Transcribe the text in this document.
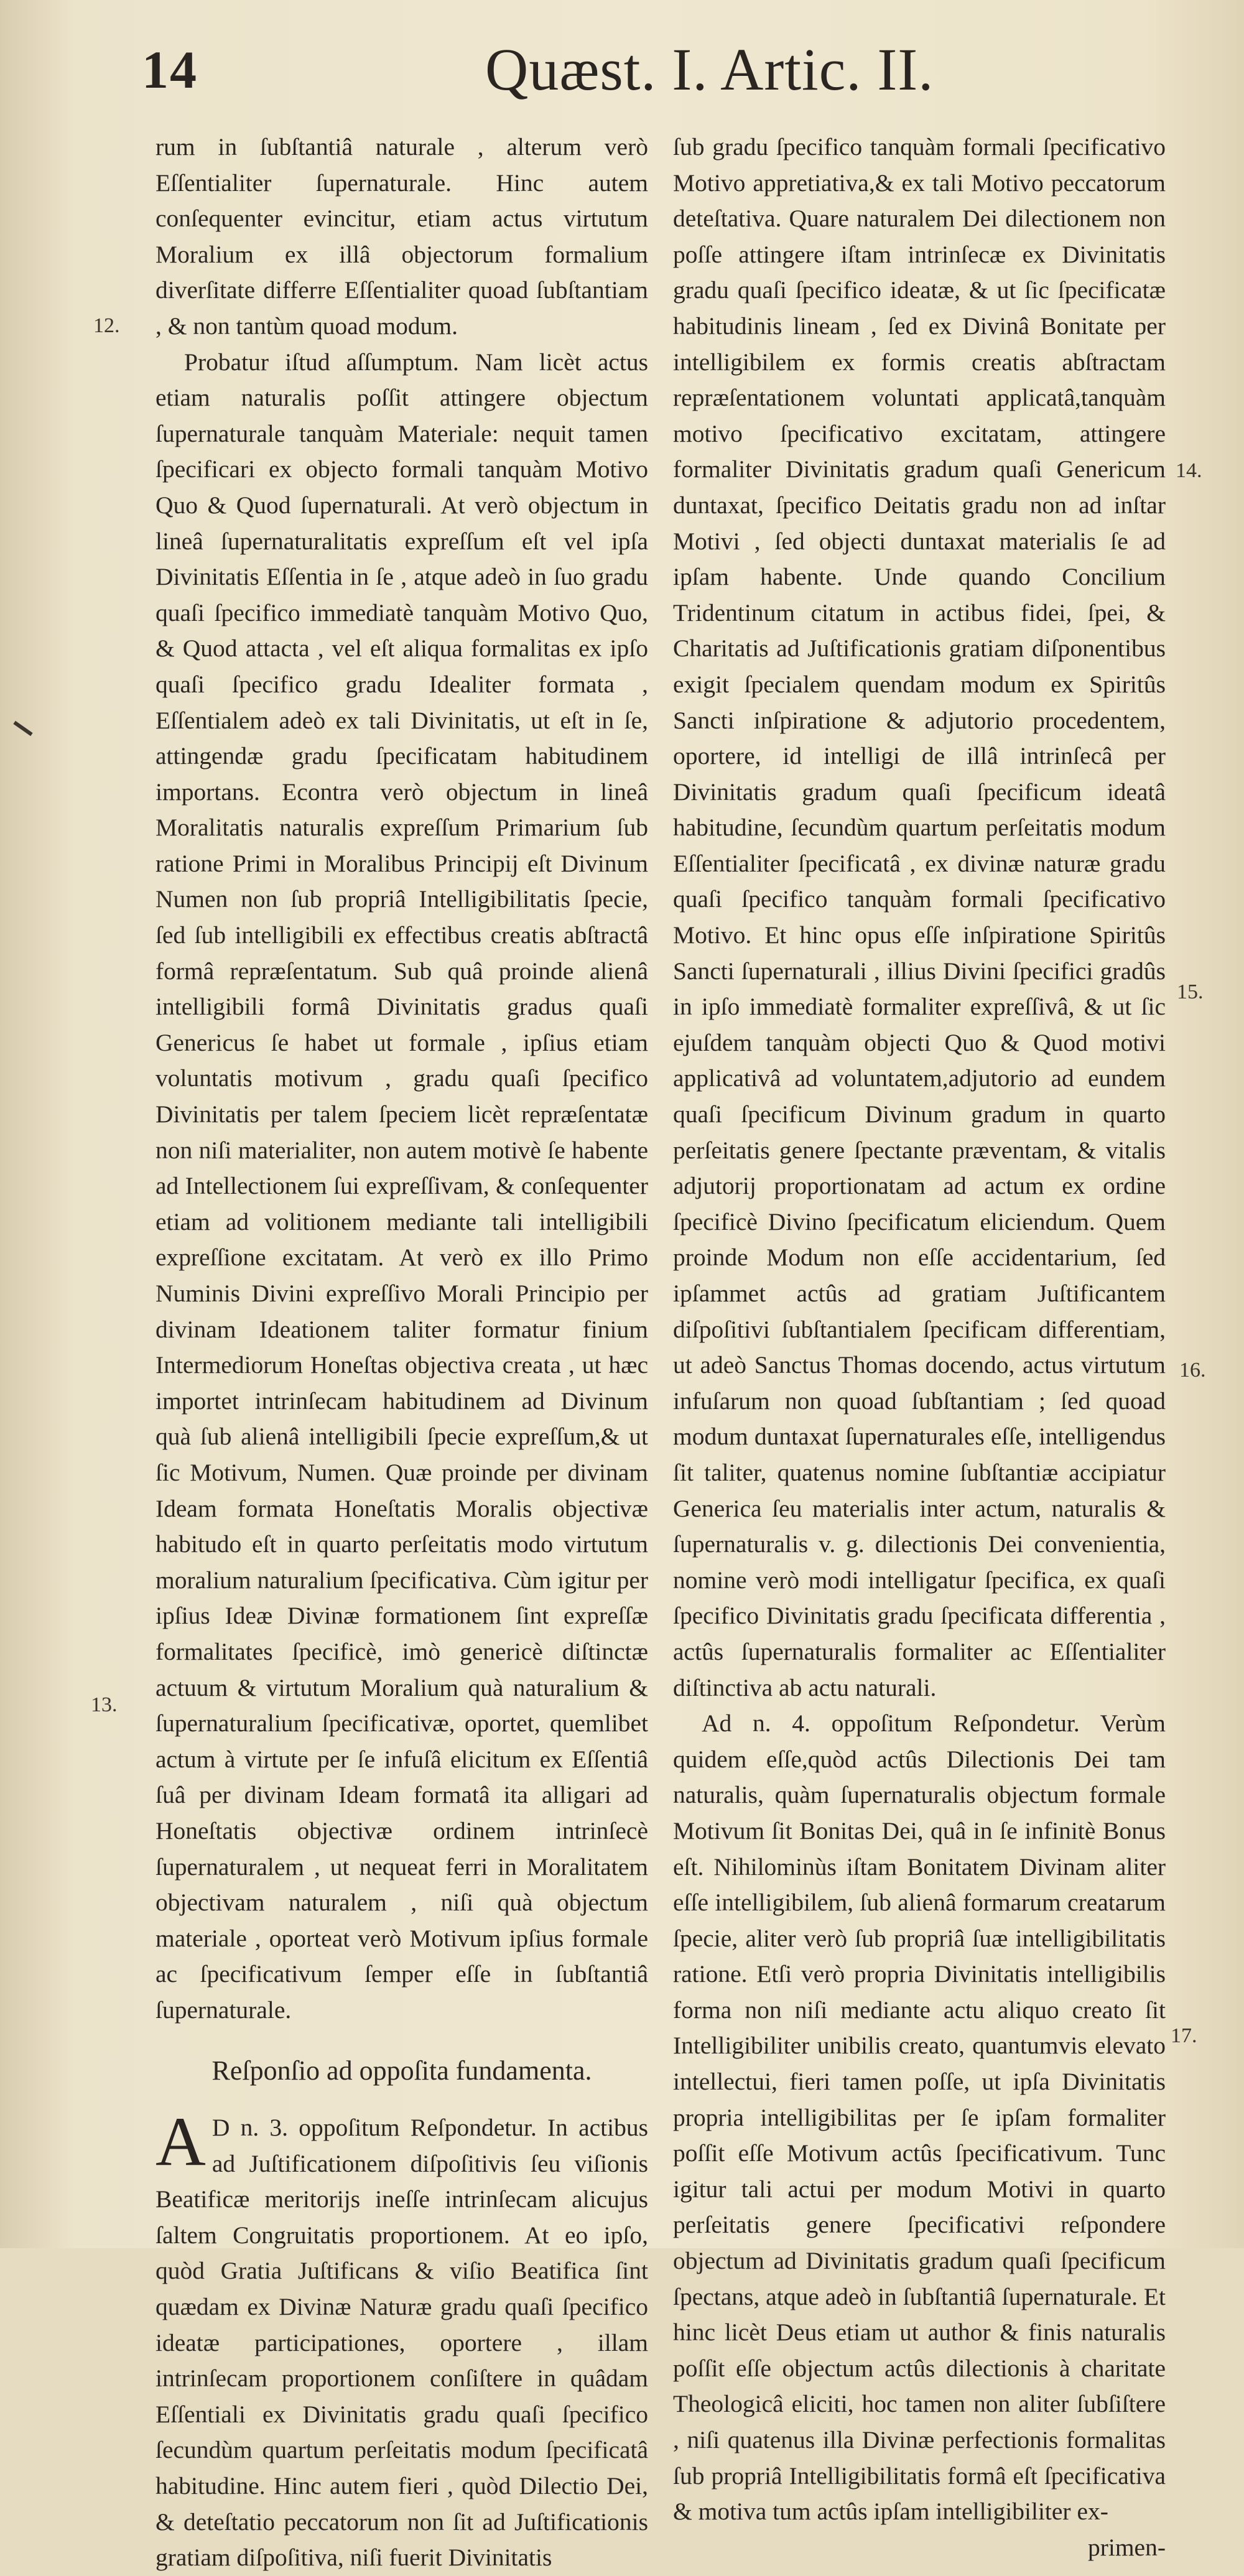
14	Quæst. I. Artic. II.
12.
13.
14.
15.
16.
17.

rum in ſubſtantiâ naturale , alterum verò Eſſentialiter ſupernaturale. Hinc autem conſequenter evincitur, etiam actus virtutum Moralium ex illâ objectorum formalium diverſitate differre Eſſentialiter quoad ſubſtantiam , & non tantùm quoad modum.

Probatur iſtud aſſumptum. Nam licèt actus etiam naturalis poſſit attingere objectum ſupernaturale tanquàm Materiale: nequit tamen ſpecificari ex objecto formali tanquàm Motivo Quo & Quod ſupernaturali. At verò objectum in lineâ ſupernaturalitatis expreſſum eſt vel ipſa Divinitatis Eſſentia in ſe , atque adeò in ſuo gradu quaſi ſpecifico immediatè tanquàm Motivo Quo, & Quod attacta , vel eſt aliqua formalitas ex ipſo quaſi ſpecifico gradu Idealiter formata , Eſſentialem adeò ex tali Divinitatis, ut eſt in ſe, attingendæ gradu ſpecificatam habitudinem importans. Econtra verò objectum in lineâ Moralitatis naturalis expreſſum Primarium ſub ratione Primi in Moralibus Principij eſt Divinum Numen non ſub propriâ Intelligibilitatis ſpecie, ſed ſub intelligibili ex effectibus creatis abſtractâ formâ repræſentatum. Sub quâ proinde alienâ intelligibili formâ Divinitatis gradus quaſi Genericus ſe habet ut formale , ipſius etiam voluntatis motivum , gradu quaſi ſpecifico Divinitatis per talem ſpeciem licèt repræſentatæ non niſi materialiter, non autem motivè ſe habente ad Intellectionem ſui expreſſivam, & conſequenter etiam ad volitionem mediante tali intelligibili expreſſione excitatam. At verò ex illo Primo Numinis Divini expreſſivo Morali Principio per divinam Ideationem taliter formatur finium Intermediorum Honeſtas objectiva creata , ut hæc importet intrinſecam habitudinem ad Divinum quà ſub alienâ intelligibili ſpecie expreſſum,& ut ſic Motivum, Numen. Quæ proinde per divinam Ideam formata Honeſtatis Moralis objectivæ habitudo eſt in quarto perſeitatis modo virtutum moralium naturalium ſpecificativa. Cùm igitur per ipſius Ideæ Divinæ formationem ſint expreſſæ formalitates ſpecificè, imò genericè diſtinctæ actuum & virtutum Moralium quà naturalium & ſupernaturalium ſpecificativæ, oportet, quemlibet actum à virtute per ſe infuſâ elicitum ex Eſſentiâ ſuâ per divinam Ideam formatâ ita alligari ad Honeſtatis objectivæ ordinem intrinſecè ſupernaturalem , ut nequeat ferri in Moralitatem objectivam naturalem , niſi quà objectum materiale , oporteat verò Motivum ipſius formale ac ſpecificativum ſemper eſſe in ſubſtantiâ ſupernaturale.

Reſponſio ad oppoſita fundamenta.

A D n. 3. oppoſitum Reſpondetur. In actibus ad Juſtificationem diſpoſitivis ſeu viſionis Beatificæ meritorijs ineſſe intrinſecam alicujus ſaltem Congruitatis proportionem. At eo ipſo, quòd Gratia Juſtificans & viſio Beatifica ſint quædam ex Divinæ Naturæ gradu quaſi ſpecifico ideatæ participationes, oportere , illam intrinſecam proportionem conſiſtere in quâdam Eſſentiali ex Divinitatis gradu quaſi ſpecifico ſecundùm quartum perſeitatis modum ſpecificatâ habitudine. Hinc autem fieri , quòd Dilectio Dei, & deteſtatio peccatorum non ſit ad Juſtificationis gratiam diſpoſitiva, niſi fuerit Divinitatis

ſub gradu ſpecifico tanquàm formali ſpecificativo Motivo appretiativa,& ex tali Motivo peccatorum deteſtativa. Quare naturalem Dei dilectionem non poſſe attingere iſtam intrinſecæ ex Divinitatis gradu quaſi ſpecifico ideatæ, & ut ſic ſpecificatæ habitudinis lineam , ſed ex Divinâ Bonitate per intelligibilem ex formis creatis abſtractam repræſentationem voluntati applicatâ,tanquàm motivo ſpecificativo excitatam, attingere formaliter Divinitatis gradum quaſi Genericum duntaxat, ſpecifico Deitatis gradu non ad inſtar Motivi , ſed objecti duntaxat materialis ſe ad ipſam habente. Unde quando Concilium Tridentinum citatum in actibus fidei, ſpei, & Charitatis ad Juſtificationis gratiam diſponentibus exigit ſpecialem quendam modum ex Spiritûs Sancti inſpiratione & adjutorio procedentem, oportere, id intelligi de illâ intrinſecâ per Divinitatis gradum quaſi ſpecificum ideatâ habitudine, ſecundùm quartum perſeitatis modum Eſſentialiter ſpecificatâ , ex divinæ naturæ gradu quaſi ſpecifico tanquàm formali ſpecificativo Motivo. Et hinc opus eſſe inſpiratione Spiritûs Sancti ſupernaturali , illius Divini ſpecifici gradûs in ipſo immediatè formaliter expreſſivâ, & ut ſic ejuſdem tanquàm objecti Quo & Quod motivi applicativâ ad voluntatem,adjutorio ad eundem quaſi ſpecificum Divinum gradum in quarto perſeitatis genere ſpectante præventam, & vitalis adjutorij proportionatam ad actum ex ordine ſpecificè Divino ſpecificatum eliciendum. Quem proinde Modum non eſſe accidentarium, ſed ipſammet actûs ad gratiam Juſtificantem diſpoſitivi ſubſtantialem ſpecificam differentiam, ut adeò Sanctus Thomas docendo, actus virtutum infuſarum non quoad ſubſtantiam ; ſed quoad modum duntaxat ſupernaturales eſſe, intelligendus ſit taliter, quatenus nomine ſubſtantiæ accipiatur Generica ſeu materialis inter actum, naturalis & ſupernaturalis v. g. dilectionis Dei convenientia, nomine verò modi intelligatur ſpecifica, ex quaſi ſpecifico Divinitatis gradu ſpecificata differentia , actûs ſupernaturalis formaliter ac Eſſentialiter diſtinctiva ab actu naturali.

Ad n. 4. oppoſitum Reſpondetur. Verùm quidem eſſe,quòd actûs Dilectionis Dei tam naturalis, quàm ſupernaturalis objectum formale Motivum ſit Bonitas Dei, quâ in ſe infinitè Bonus eſt. Nihilominùs iſtam Bonitatem Divinam aliter eſſe intelligibilem, ſub alienâ formarum creatarum ſpecie, aliter verò ſub propriâ ſuæ intelligibilitatis ratione. Etſi verò propria Divinitatis intelligibilis forma non niſi mediante actu aliquo creato ſit Intelligibiliter unibilis creato, quantumvis elevato intellectui, fieri tamen poſſe, ut ipſa Divinitatis propria intelligibilitas per ſe ipſam formaliter poſſit eſſe Motivum actûs ſpecificativum. Tunc igitur tali actui per modum Motivi in quarto perſeitatis genere ſpecificativi reſpondere objectum ad Divinitatis gradum quaſi ſpecificum ſpectans, atque adeò in ſubſtantiâ ſupernaturale. Et hinc licèt Deus etiam ut author & finis naturalis poſſit eſſe objectum actûs dilectionis à charitate Theologicâ eliciti, hoc tamen non aliter ſubſiſtere , niſi quatenus illa Divinæ perfectionis formalitas ſub propriâ Intelligibilitatis formâ eſt ſpecificativa & motiva tum actûs ipſam intelligibiliter ex-

primen-
